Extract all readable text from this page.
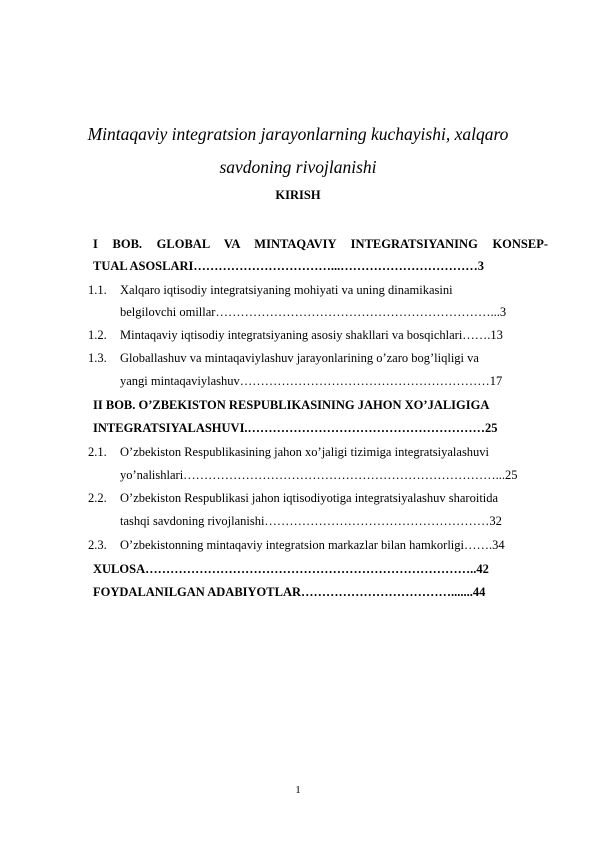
Mintaqaviy integratsion jarayonlarning kuchayishi, xalqaro
savdoning rivojlanishi
KIRISH
I BOB. GLOBAL VA MINTAQAVIY INTEGRATSIYANING KONSEP-
TUAL ASOSLARI……………………………...……………………………3
1.1. Xalqaro iqtisodiy integratsiyaning mohiyati va uning dinamikasini
belgilovchi omillar…………………………………………………………...3
1.2. Mintaqaviy iqtisodiy integratsiyaning asosiy shakllari va bosqichlari…….13
1.3. Globallashuv va mintaqaviylashuv jarayonlarining o’zaro bog’liqligi va
yangi mintaqaviylashuv……………………………………………………17
II BOB. O’ZBEKISTON RESPUBLIKASINING JAHON XO’JALIGIGA
INTEGRATSIYALASHUVI.…………………………………………………25
2.1. O’zbekiston Respublikasining jahon xo’jaligi tizimiga integratsiyalashuvi
yo’nalishlari…………………………………………………………………...25
2.2. O’zbekiston Respublikasi jahon iqtisodiyotiga integratsiyalashuv sharoitida
tashqi savdoning rivojlanishi………………………………………………32
2.3. O’zbekistonning mintaqaviy integratsion markazlar bilan hamkorligi…….34
XULOSA……………………………………………………………………..42
FOYDALANILGAN ADABIYOTLAR……………………………….......44
1
